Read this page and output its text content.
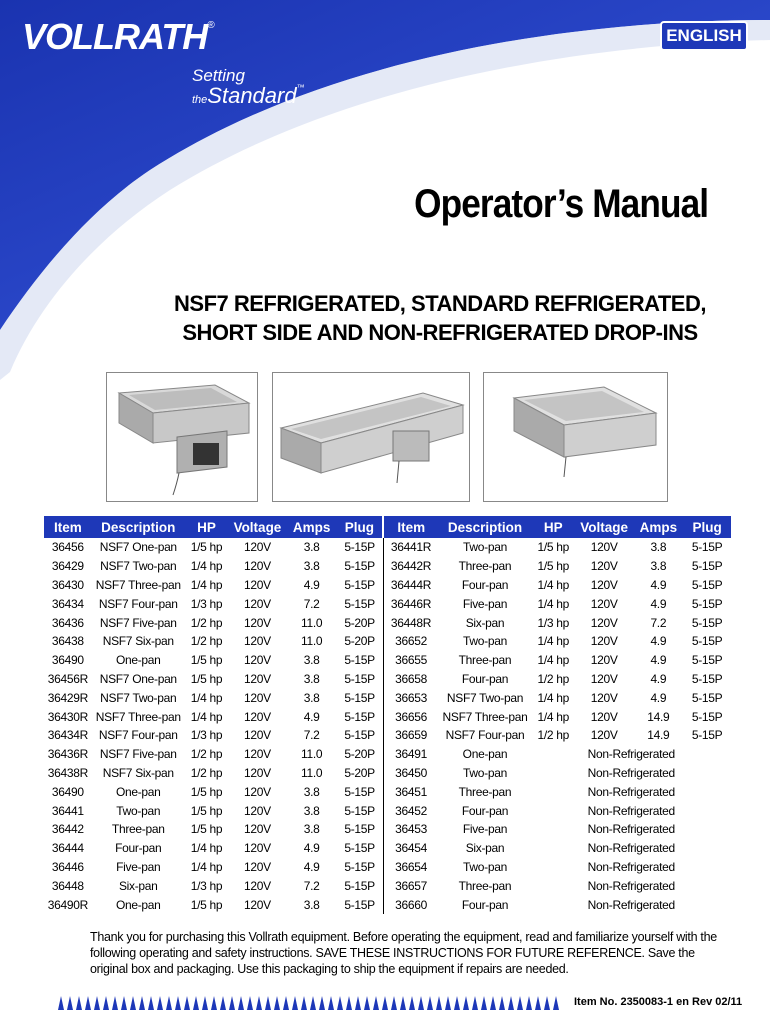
VOLLRATH®
Setting
theStandard™
ENGLISH
Operator’s Manual
NSF7 REFRIGERATED, STANDARD REFRIGERATED,
SHORT SIDE AND NON-REFRIGERATED DROP-INS
Item	Description	HP	Voltage	Amps	Plug	Item	Description	HP	Voltage	Amps	Plug
36456	NSF7 One-pan	1/5 hp	120V	3.8	5-15P	36441R	Two-pan	1/5 hp	120V	3.8	5-15P
36429	NSF7 Two-pan	1/4 hp	120V	3.8	5-15P	36442R	Three-pan	1/5 hp	120V	3.8	5-15P
36430	NSF7 Three-pan	1/4 hp	120V	4.9	5-15P	36444R	Four-pan	1/4 hp	120V	4.9	5-15P
36434	NSF7 Four-pan	1/3 hp	120V	7.2	5-15P	36446R	Five-pan	1/4 hp	120V	4.9	5-15P
36436	NSF7 Five-pan	1/2 hp	120V	11.0	5-20P	36448R	Six-pan	1/3 hp	120V	7.2	5-15P
36438	NSF7 Six-pan	1/2 hp	120V	11.0	5-20P	36652	Two-pan	1/4 hp	120V	4.9	5-15P
36490	One-pan	1/5 hp	120V	3.8	5-15P	36655	Three-pan	1/4 hp	120V	4.9	5-15P
36456R	NSF7 One-pan	1/5 hp	120V	3.8	5-15P	36658	Four-pan	1/2 hp	120V	4.9	5-15P
36429R	NSF7 Two-pan	1/4 hp	120V	3.8	5-15P	36653	NSF7 Two-pan	1/4 hp	120V	4.9	5-15P
36430R	NSF7 Three-pan	1/4 hp	120V	4.9	5-15P	36656	NSF7 Three-pan	1/4 hp	120V	14.9	5-15P
36434R	NSF7 Four-pan	1/3 hp	120V	7.2	5-15P	36659	NSF7 Four-pan	1/2 hp	120V	14.9	5-15P
36436R	NSF7 Five-pan	1/2 hp	120V	11.0	5-20P	36491	One-pan	Non-Refrigerated			
36438R	NSF7 Six-pan	1/2 hp	120V	11.0	5-20P	36450	Two-pan	Non-Refrigerated			
36490	One-pan	1/5 hp	120V	3.8	5-15P	36451	Three-pan	Non-Refrigerated			
36441	Two-pan	1/5 hp	120V	3.8	5-15P	36452	Four-pan	Non-Refrigerated			
36442	Three-pan	1/5 hp	120V	3.8	5-15P	36453	Five-pan	Non-Refrigerated			
36444	Four-pan	1/4 hp	120V	4.9	5-15P	36454	Six-pan	Non-Refrigerated			
36446	Five-pan	1/4 hp	120V	4.9	5-15P	36654	Two-pan	Non-Refrigerated			
36448	Six-pan	1/3 hp	120V	7.2	5-15P	36657	Three-pan	Non-Refrigerated			
36490R	One-pan	1/5 hp	120V	3.8	5-15P	36660	Four-pan	Non-Refrigerated			
Thank you for purchasing this Vollrath equipment. Before operating the equipment, read and familiarize yourself with the following operating and safety instructions. SAVE THESE INSTRUCTIONS FOR FUTURE REFERENCE. Save the original box and packaging. Use this packaging to ship the equipment if repairs are needed.
Item No. 2350083-1 en Rev 02/11
